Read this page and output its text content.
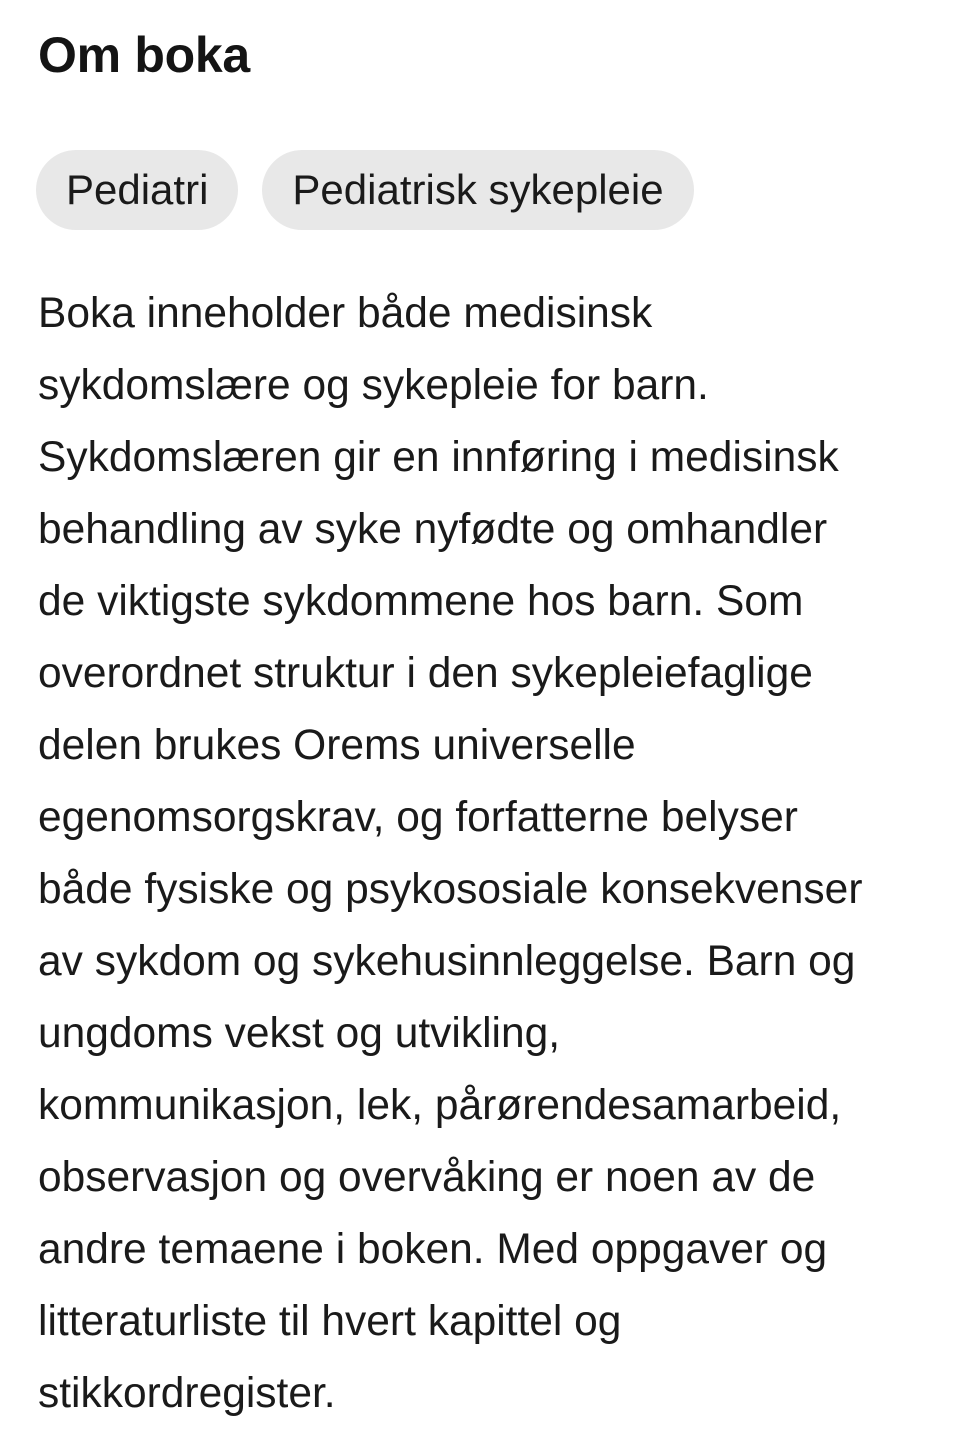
Om boka
Pediatri	Pediatrisk sykepleie

Boka inneholder både medisinsk
sykdomslære og sykepleie for barn.
Sykdomslæren gir en innføring i medisinsk
behandling av syke nyfødte og omhandler
de viktigste sykdommene hos barn. Som
overordnet struktur i den sykepleiefaglige
delen brukes Orems universelle
egenomsorgskrav, og forfatterne belyser
både fysiske og psykososiale konsekvenser
av sykdom og sykehusinnleggelse. Barn og
ungdoms vekst og utvikling,
kommunikasjon, lek, pårørendesamarbeid,
observasjon og overvåking er noen av de
andre temaene i boken. Med oppgaver og
litteraturliste til hvert kapittel og
stikkordregister.
